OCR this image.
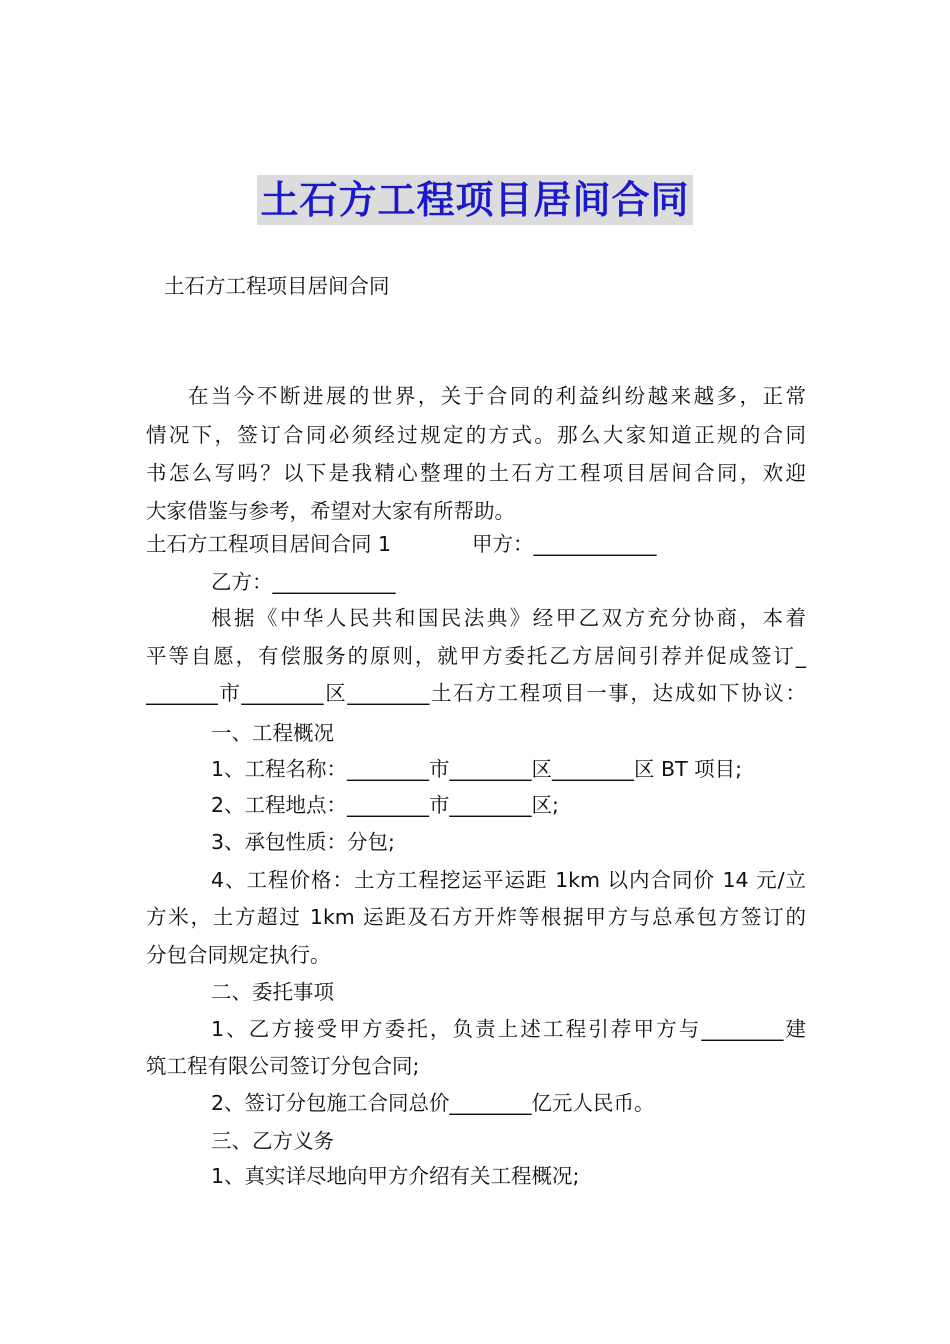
土石方工程项目居间合同
土石方工程项目居间合同
在当今不断进展的世界，关于合同的利益纠纷越来越多，正常
情况下，签订合同必须经过规定的方式。那么大家知道正规的合同
书怎么写吗？以下是我精心整理的土石方工程项目居间合同，欢迎
大家借鉴与参考，希望对大家有所帮助。
土石方工程项目居间合同 1	甲方：____________
乙方：____________
根据《中华人民共和国民法典》经甲乙双方充分协商，本着
平等自愿，有偿服务的原则，就甲方委托乙方居间引荐并促成签订_
_______市________区________土石方工程项目一事，达成如下协议：
一、工程概况
1、工程名称：________市________区________区 BT 项目;
2、工程地点：________市________区;
3、承包性质：分包;
4、工程价格：土方工程挖运平运距 1km 以内合同价 14 元/立
方米，土方超过 1km 运距及石方开炸等根据甲方与总承包方签订的
分包合同规定执行。
二、委托事项
1、乙方接受甲方委托，负责上述工程引荐甲方与________建
筑工程有限公司签订分包合同;
2、签订分包施工合同总价________亿元人民币。
三、乙方义务
1、真实详尽地向甲方介绍有关工程概况;
